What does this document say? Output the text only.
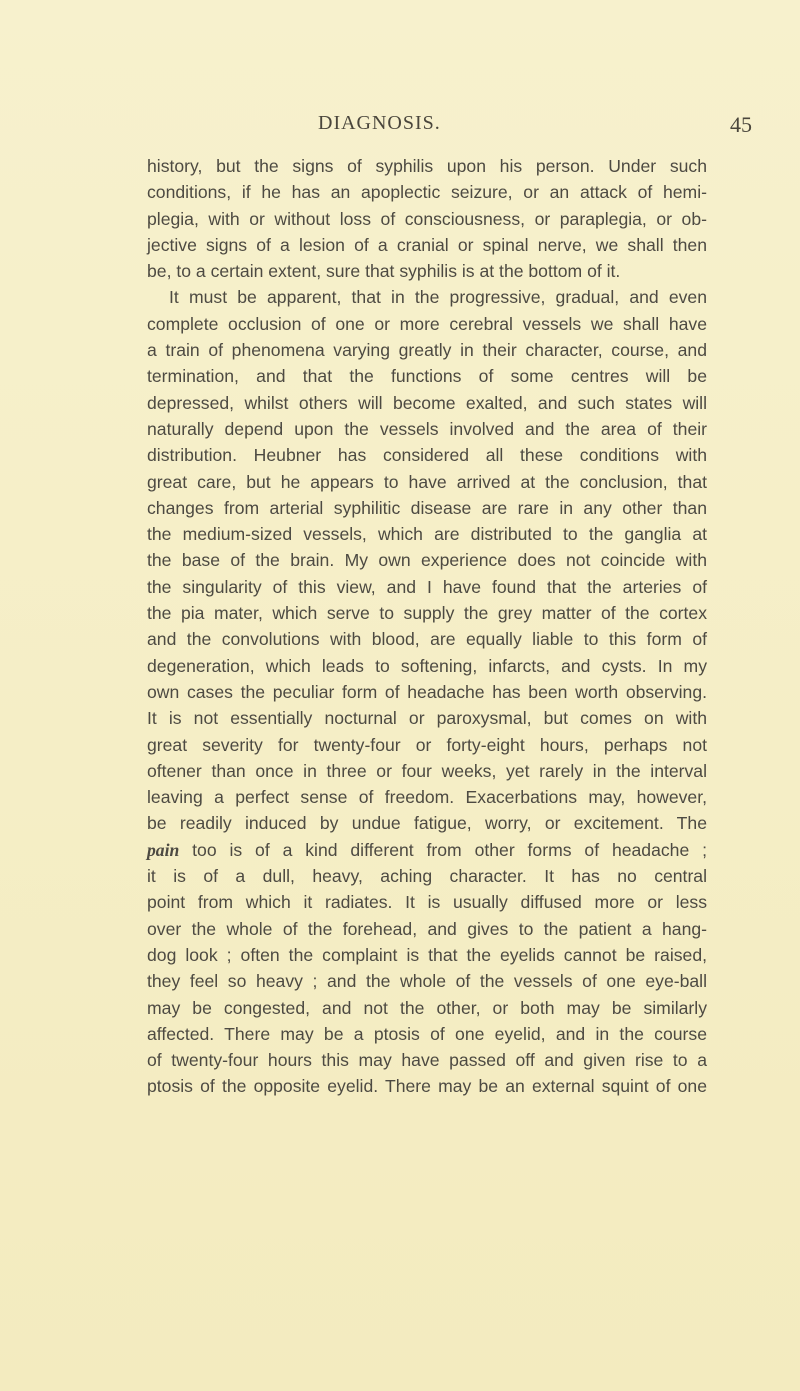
DIAGNOSIS.	45
history, but the signs of syphilis upon his person. Under such
conditions, if he has an apoplectic seizure, or an attack of hemi-
plegia, with or without loss of consciousness, or paraplegia, or ob-
jective signs of a lesion of a cranial or spinal nerve, we shall then
be, to a certain extent, sure that syphilis is at the bottom of it.
It must be apparent, that in the progressive, gradual, and even
complete occlusion of one or more cerebral vessels we shall have
a train of phenomena varying greatly in their character, course, and
termination, and that the functions of some centres will be
depressed, whilst others will become exalted, and such states will
naturally depend upon the vessels involved and the area of their
distribution. Heubner has considered all these conditions with
great care, but he appears to have arrived at the conclusion, that
changes from arterial syphilitic disease are rare in any other than
the medium-sized vessels, which are distributed to the ganglia at
the base of the brain. My own experience does not coincide with
the singularity of this view, and I have found that the arteries of
the pia mater, which serve to supply the grey matter of the cortex
and the convolutions with blood, are equally liable to this form of
degeneration, which leads to softening, infarcts, and cysts. In my
own cases the peculiar form of headache has been worth observing.
It is not essentially nocturnal or paroxysmal, but comes on with
great severity for twenty-four or forty-eight hours, perhaps not
oftener than once in three or four weeks, yet rarely in the interval
leaving a perfect sense of freedom. Exacerbations may, however,
be readily induced by undue fatigue, worry, or excitement. The
pain too is of a kind different from other forms of headache ;
it is of a dull, heavy, aching character. It has no central
point from which it radiates. It is usually diffused more or less
over the whole of the forehead, and gives to the patient a hang-
dog look ; often the complaint is that the eyelids cannot be raised,
they feel so heavy ; and the whole of the vessels of one eye-ball
may be congested, and not the other, or both may be similarly
affected. There may be a ptosis of one eyelid, and in the course
of twenty-four hours this may have passed off and given rise to a
ptosis of the opposite eyelid. There may be an external squint of one
